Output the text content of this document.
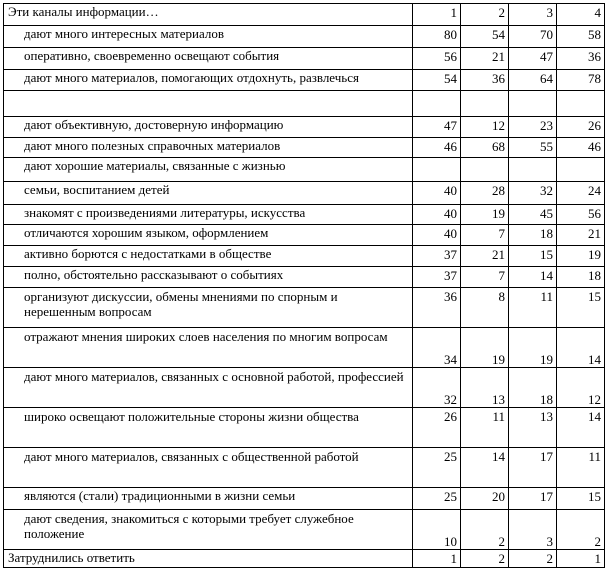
Эти каналы информации…	1	2	3	4
дают много интересных материалов	80	54	70	58
оперативно, своевременно освещают события	56	21	47	36
дают много материалов, помогающих отдохнуть, развлечься	54	36	64	78

дают объективную, достоверную информацию	47	12	23	26
дают много полезных справочных материалов	46	68	55	46
дают хорошие материалы, связанные с жизнью				
семьи, воспитанием детей	40	28	32	24
знакомят с произведениями литературы, искусства	40	19	45	56
отличаются хорошим языком, оформлением	40	7	18	21
активно борются с недостатками в обществе	37	21	15	19
полно, обстоятельно рассказывают о событиях	37	7	14	18
организуют дискуссии, обмены мнениями по спорным и нерешенным вопросам	36	8	11	15
отражают мнения широких слоев населения по многим вопросам	34	19	19	14
дают много материалов, связанных с основной работой, профессией	32	13	18	12
широко освещают положительные стороны жизни общества	26	11	13	14
дают много материалов, связанных с общественной работой	25	14	17	11
являются (стали) традиционными в жизни семьи	25	20	17	15
дают сведения, знакомиться с которыми требует служебное положение	10	2	3	2
Затруднились ответить	1	2	2	1
